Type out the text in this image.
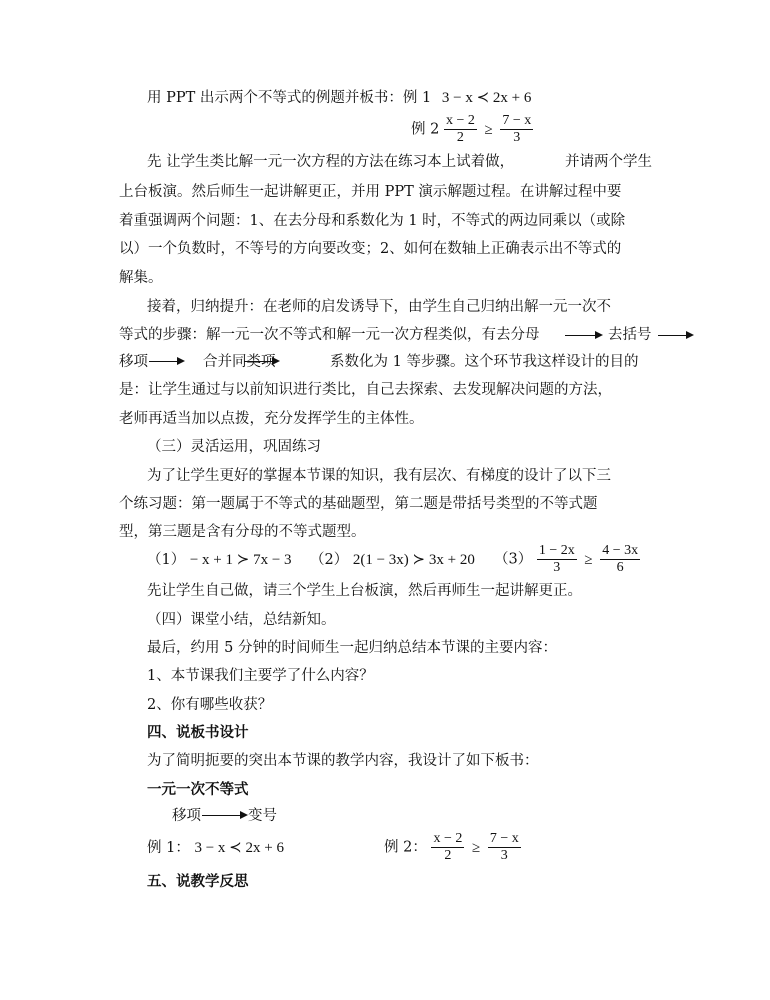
用 PPT 出示两个不等式的例题并板书：例 1 3 − x ≺ 2x + 6
例 $2 \frac{x - 2}{2} \ge \frac{7 - x}{3}$
先 让学生类比解一元一次方程的方法在练习本上试着做，	并请两个学生
上台板演。然后师生一起讲解更正，并用 PPT 演示解题过程。在讲解过程中要
着重强调两个问题：1、在去分母和系数化为 1 时，不等式的两边同乘以（或除
以）一个负数时，不等号的方向要改变；2、如何在数轴上正确表示出不等式的
解集。
接着，归纳提升：在老师的启发诱导下，由学生自己归纳出解一元一次不
等式的步骤：解一元一次不等式和解一元一次方程类似，有去分母	去括号
移项	合并同类项	系数化为 1 等步骤。这个环节我这样设计的目的
是：让学生通过与以前知识进行类比，自己去探索、去发现解决问题的方法，
老师再适当加以点拨，充分发挥学生的主体性。
（三）灵活运用，巩固练习
为了让学生更好的掌握本节课的知识，我有层次、有梯度的设计了以下三
个练习题：第一题属于不等式的基础题型，第二题是带括号类型的不等式题
型，第三题是含有分母的不等式题型。
（1） − x + 1 ≻ 7x − 3 （2） 2(1 − 3x) ≻ 3x + 20 $(3) \frac{1 - 2x}{3} \ge \frac{4 - 3x}{6}$
先让学生自己做，请三个学生上台板演，然后再师生一起讲解更正。
（四）课堂小结，总结新知。
最后，约用 5 分钟的时间师生一起归纳总结本节课的主要内容：
1、本节课我们主要学了什么内容？
2、你有哪些收获？
四、说板书设计
为了简明扼要的突出本节课的教学内容，我设计了如下板书：
一元一次不等式
移项	变号
例 1： 3 − x ≺ 2x + 6	例 2： $\frac{x - 2}{2} \ge \frac{7 - x}{3}$
五、说教学反思
